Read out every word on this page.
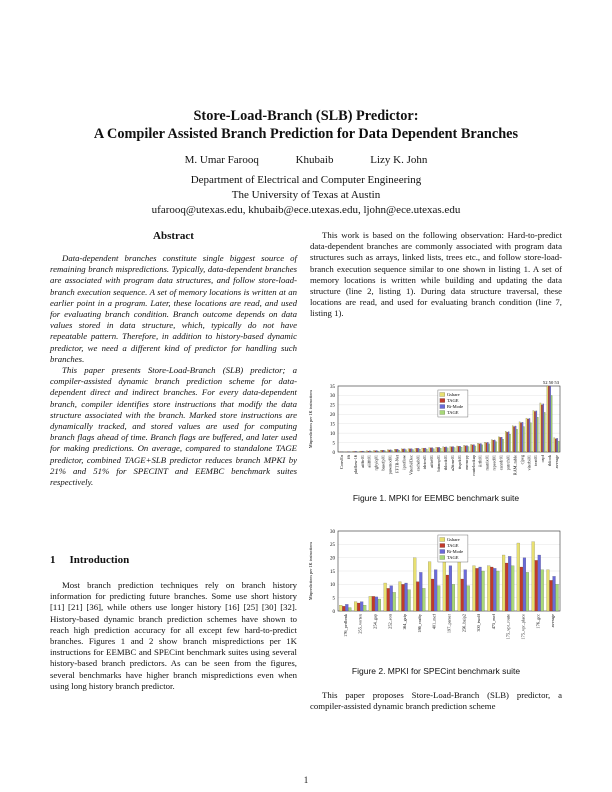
Store-Load-Branch (SLB) Predictor:
A Compiler Assisted Branch Prediction for Data Dependent Branches
M. Umar Farooq	Khubaib	Lizy K. John
Department of Electrical and Computer Engineering
The University of Texas at Austin
ufarooq@utexas.edu, khubaib@ece.utexas.edu, ljohn@ece.utexas.edu
Abstract
Data-dependent branches constitute single biggest source of remaining branch mispredictions. Typically, data-dependent branches are associated with program data structures, and follow store-load-branch execution sequence. A set of memory locations is written at an earlier point in a program. Later, these locations are read, and used for evaluating branch condition. Branch outcome depends on data values stored in data structure, which, typically do not have repeatable pattern. Therefore, in addition to history-based dynamic predictor, we need a different kind of predictor for handling such branches.
This paper presents Store-Load-Branch (SLB) predictor; a compiler-assisted dynamic branch prediction scheme for data-dependent direct and indirect branches. For every data-dependent branch, compiler identifies store instructions that modify the data structure associated with the branch. Marked store instructions are dynamically tracked, and stored values are used for computing branch flags ahead of time. Branch flags are buffered, and later used for making predictions. On average, compared to standalone TAGE predictor, combined TAGE+SLB predictor reduces branch MPKI by 21% and 51% for SPECINT and EEMBC benchmark suites respectively.
1 Introduction
Most branch prediction techniques rely on branch history information for predicting future branches. Some use short history [11] [21] [36], while others use longer history [16] [25] [30] [32]. History-based dynamic branch prediction schemes have shown to reach high prediction accuracy for all except few hard-to-predict branches. Figures 1 and 2 show branch mispredictions per 1K instructions for EEMBC and SPECint benchmark suites using several history-based branch predictors. As can be seen from the figures, several benchmarks have higher branch mispredictions even when using long history branch predictor.
This work is based on the following observation: Hard-to-predict data-dependent branches are commonly associated with program data structures such as arrays, linked lists, trees etc., and follow store-load-branch execution sequence similar to one shown in listing 1. A set of memory locations is written while building and updating the data structure (line 2, listing 1). During data structure traversal, these locations are read, and used for evaluating branch condition (line 7, listing 1).
Mispredictions per 1K instructions
0
5
10
15
20
25
30
35
ConvEn fft pktflow-16 aifftr01 aiifft01 rgbyiq01 basefp01 puwmod01 FFTR-Net ipreflow Viterbi/Dec cacheb01 idctrn01 aifirf01 bitmnp01 tblook01 a2time01 ttsprk01 memcpy routelookup iirflt01 matrix01 rspeed01 canrdr01 pntrch01 RAM_table cjpeg viterbi01 text01 ospf tblook average
52 50 53
Gshare
TAGE
Bi-Mode
TAGE
Figure 1. MPKI for EEMBC benchmark suite
Mispredictions per 1K instructions
0
5
10
15
20
25
30
176_perlbmk 255_vortex 254_gap 252_eon 164_gzip 186_crafty 401_mcf 197_parser 256_bzip2 300_twolf 475_mcf 175_vpr_route 175_vpr_place 176_gcc average
Gshare
TAGE
Bi-Mode
TAGE
Figure 2. MPKI for SPECint benchmark suite
This paper proposes Store-Load-Branch (SLB) predictor, a compiler-assisted dynamic branch prediction scheme
1
